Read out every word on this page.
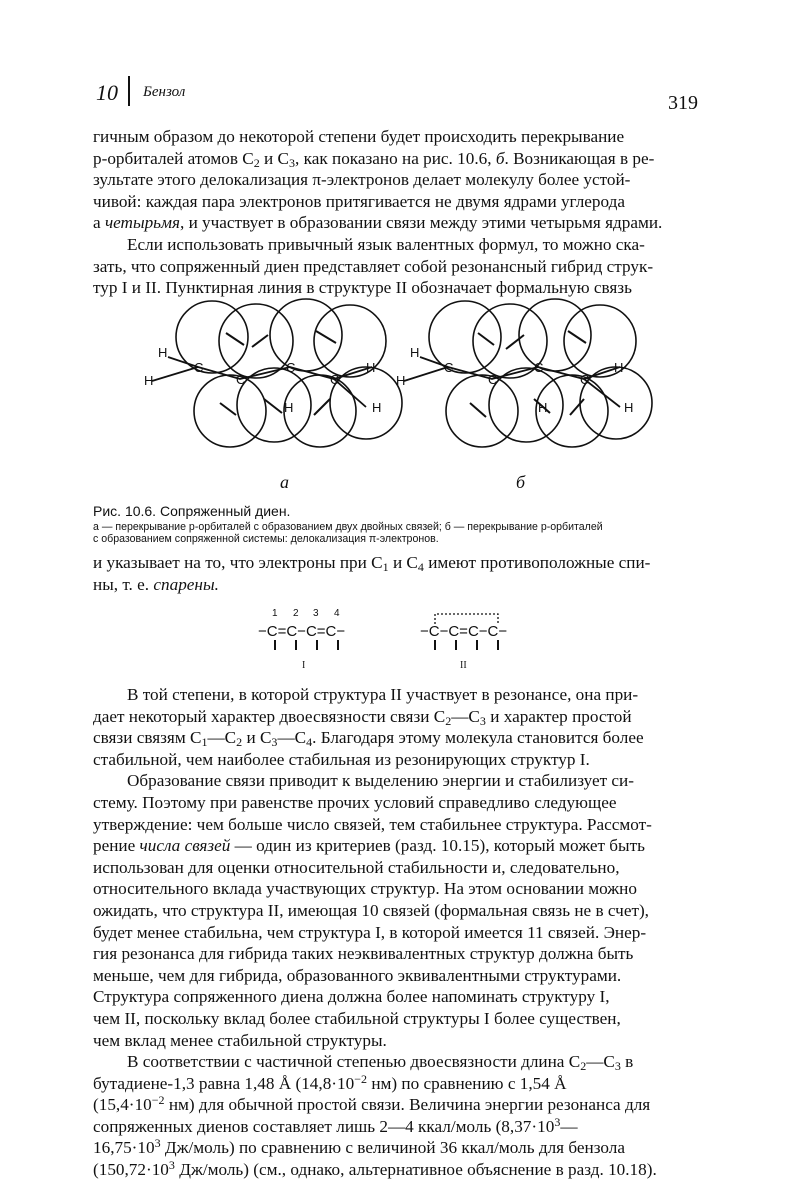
10 Бензол	319

гичным образом до некоторой степени будет происходить перекрывание

р-орбиталей атомов $C_2$ и $C_3$, как показано на рис. 10.6, б. Возникающая в ре-

зультате этого делокализация π-электронов делает молекулу более устой-

чивой: каждая пара электронов притягивается не двумя ядрами углерода

а четырьмя, и участвует в образовании связи между этими четырьмя ядрами.

Если использовать привычный язык валентных формул, то можно ска-

зать, что сопряженный диен представляет собой резонансный гибрид струк-

тур I и II. Пунктирная линия в структуре II обозначает формальную связь

H
H
C
C
C
C
H
H	H
H
H
C
C
C
C
H
H	H
а	б
Рис. 10.6. Сопряженный диен.
а — перекрывание р-орбиталей с образованием двух двойных связей; б — перекрывание р-орбиталей
с образованием сопряженной системы: делокализация π-электронов.

и указывает на то, что электроны при $C_1$ и $C_4$ имеют противоположные спи-

ны, т. е. спарены.

1 2 3 4
−C=C−C=C−	−C−C=C−C−
I	II

В той степени, в которой структура II участвует в резонансе, она при-

дает некоторый характер двоесвязности связи $C_2—C_3$ и характер простой

связи связям $C_1—C_2$ и $C_3—C_4$. Благодаря этому молекула становится более

стабильной, чем наиболее стабильная из резонирующих структур I.

Образование связи приводит к выделению энергии и стабилизует си-

стему. Поэтому при равенстве прочих условий справедливо следующее

утверждение: чем больше число связей, тем стабильнее структура. Рассмот-

рение числа связей — один из критериев (разд. 10.15), который может быть

использован для оценки относительной стабильности и, следовательно,

относительного вклада участвующих структур. На этом основании можно

ожидать, что структура II, имеющая 10 связей (формальная связь не в счет),

будет менее стабильна, чем структура I, в которой имеется 11 связей. Энер-

гия резонанса для гибрида таких неэквивалентных структур должна быть

меньше, чем для гибрида, образованного эквивалентными структурами.

Структура сопряженного диена должна более напоминать структуру I,

чем II, поскольку вклад более стабильной структуры I более существен,

чем вклад менее стабильной структуры.

В соответствии с частичной степенью двоесвязности длина $C_2—C_3$ в

бутадиене-1,3 равна 1,48 Å ($14,8\cdot 10^{-2}$ нм) по сравнению с 1,54 Å

($15,4\cdot 10^{-2}$ нм) для обычной простой связи. Величина энергии резонанса для

сопряженных диенов составляет лишь 2—4 ккал/моль ($8,37\cdot 10^3—$

$16,75\cdot 10^3$ Дж/моль) по сравнению с величиной 36 ккал/моль для бензола

($150,72\cdot 10^3$ Дж/моль) (см., однако, альтернативное объяснение в разд. 10.18).
